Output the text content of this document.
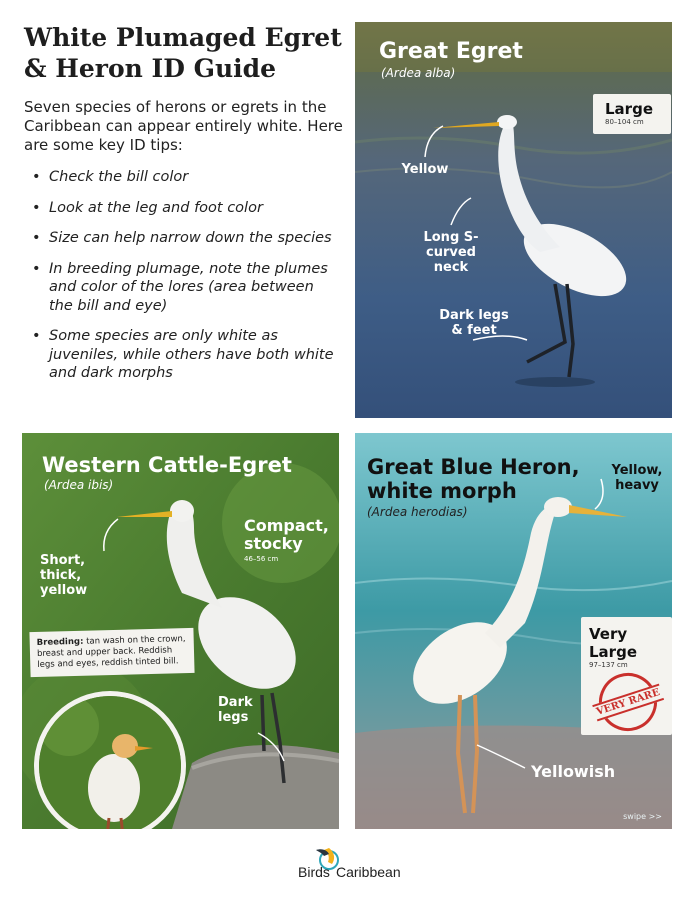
White Plumaged Egret & Heron ID Guide
Seven species of herons or egrets in the Caribbean can appear entirely white. Here are some key ID tips:
• Check the bill color
• Look at the leg and foot color
• Size can help narrow down the species
• In breeding plumage, note the plumes and color of the lores (area between the bill and eye)
• Some species are only white as juveniles, while others have both white and dark morphs
Great Egret
(Ardea alba)
Large
80–104 cm
Yellow
Long S-curved neck
Dark legs & feet
Western Cattle-Egret
(Ardea ibis)
Compact, stocky
46–56 cm
Short, thick, yellow
Breeding: tan wash on the crown, breast and upper back. Reddish legs and eyes, reddish tinted bill.
Dark legs
Great Blue Heron, white morph
(Ardea herodias)
Yellow, heavy
Very Large
97–137 cm
VERY RARE
Yellowish
swipe >>
Birds Caribbean
